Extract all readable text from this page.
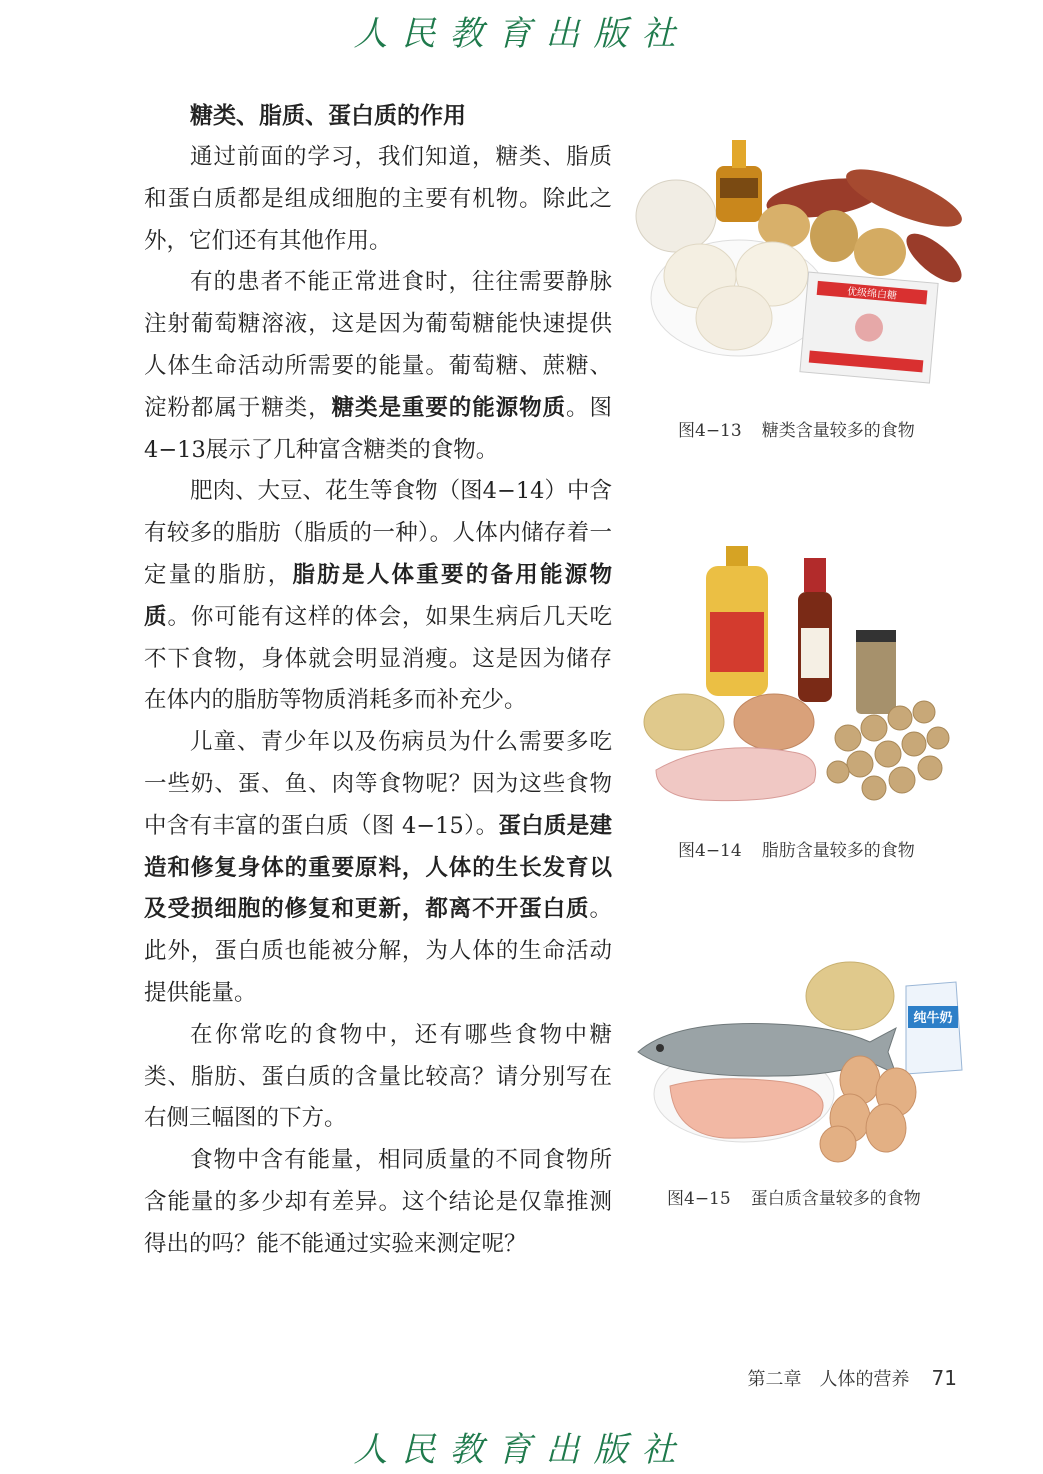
人民教育出版社
糖类、脂质、蛋白质的作用

通过前面的学习，我们知道，糖类、脂质和蛋白质都是组成细胞的主要有机物。除此之外，它们还有其他作用。

有的患者不能正常进食时，往往需要静脉注射葡萄糖溶液，这是因为葡萄糖能快速提供人体生命活动所需要的能量。葡萄糖、蔗糖、淀粉都属于糖类，糖类是重要的能源物质。图 4−13展示了几种富含糖类的食物。

肥肉、大豆、花生等食物（图4−14）中含有较多的脂肪（脂质的一种）。人体内储存着一定量的脂肪，脂肪是人体重要的备用能源物质。你可能有这样的体会，如果生病后几天吃不下食物，身体就会明显消瘦。这是因为储存在体内的脂肪等物质消耗多而补充少。

儿童、青少年以及伤病员为什么需要多吃一些奶、蛋、鱼、肉等食物呢？因为这些食物中含有丰富的蛋白质（图 4−15）。蛋白质是建造和修复身体的重要原料，人体的生长发育以及受损细胞的修复和更新，都离不开蛋白质。此外，蛋白质也能被分解，为人体的生命活动提供能量。

在你常吃的食物中，还有哪些食物中糖类、脂肪、蛋白质的含量比较高？请分别写在右侧三幅图的下方。

食物中含有能量，相同质量的不同食物所含能量的多少却有差异。这个结论是仅靠推测得出的吗？能不能通过实验来测定呢？

优级绵白糖
图4−13 糖类含量较多的食物
图4−14 脂肪含量较多的食物
纯牛奶
图4−15 蛋白质含量较多的食物
第二章　人体的营养 71
人民教育出版社
